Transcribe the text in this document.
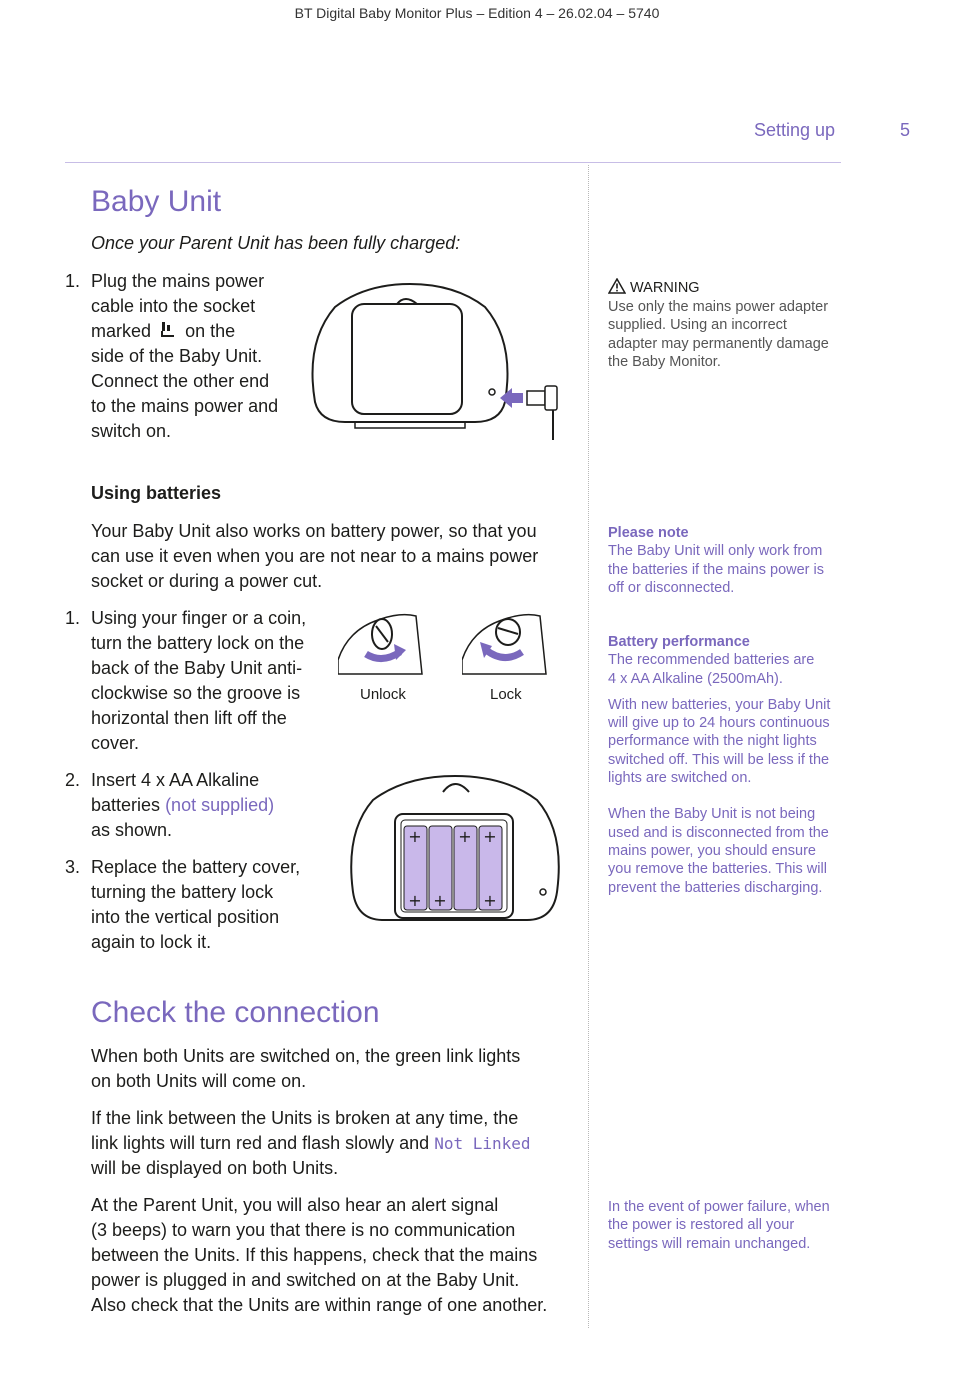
BT Digital Baby Monitor Plus – Edition 4 – 26.02.04 – 5740
Setting up	5
Baby Unit
Once your Parent Unit has been fully charged:
1. Plug the mains power
cable into the socket
marked on the
side of the Baby Unit.
Connect the other end
to the mains power and
switch on.
Using batteries
Your Baby Unit also works on battery power, so that you
can use it even when you are not near to a mains power
socket or during a power cut.
1. Using your finger or a coin,
turn the battery lock on the
back of the Baby Unit anti-
clockwise so the groove is
horizontal then lift off the
cover.
Unlock	Lock
2. Insert 4 x AA Alkaline
batteries (not supplied)
as shown.
3. Replace the battery cover,
turning the battery lock
into the vertical position
again to lock it.
+
+
+
+
+
+
Check the connection
When both Units are switched on, the green link lights
on both Units will come on.
If the link between the Units is broken at any time, the
link lights will turn red and flash slowly and Not Linked
will be displayed on both Units.
At the Parent Unit, you will also hear an alert signal
(3 beeps) to warn you that there is no communication
between the Units. If this happens, check that the mains
power is plugged in and switched on at the Baby Unit.
Also check that the Units are within range of one another.
WARNING
Use only the mains power adapter
supplied. Using an incorrect
adapter may permanently damage
the Baby Monitor.
Please note
The Baby Unit will only work from
the batteries if the mains power is
off or disconnected.
Battery performance
The recommended batteries are
4 x AA Alkaline (2500mAh).
With new batteries, your Baby Unit
will give up to 24 hours continuous
performance with the night lights
switched off. This will be less if the
lights are switched on.
When the Baby Unit is not being
used and is disconnected from the
mains power, you should ensure
you remove the batteries. This will
prevent the batteries discharging.
In the event of power failure, when
the power is restored all your
settings will remain unchanged.
